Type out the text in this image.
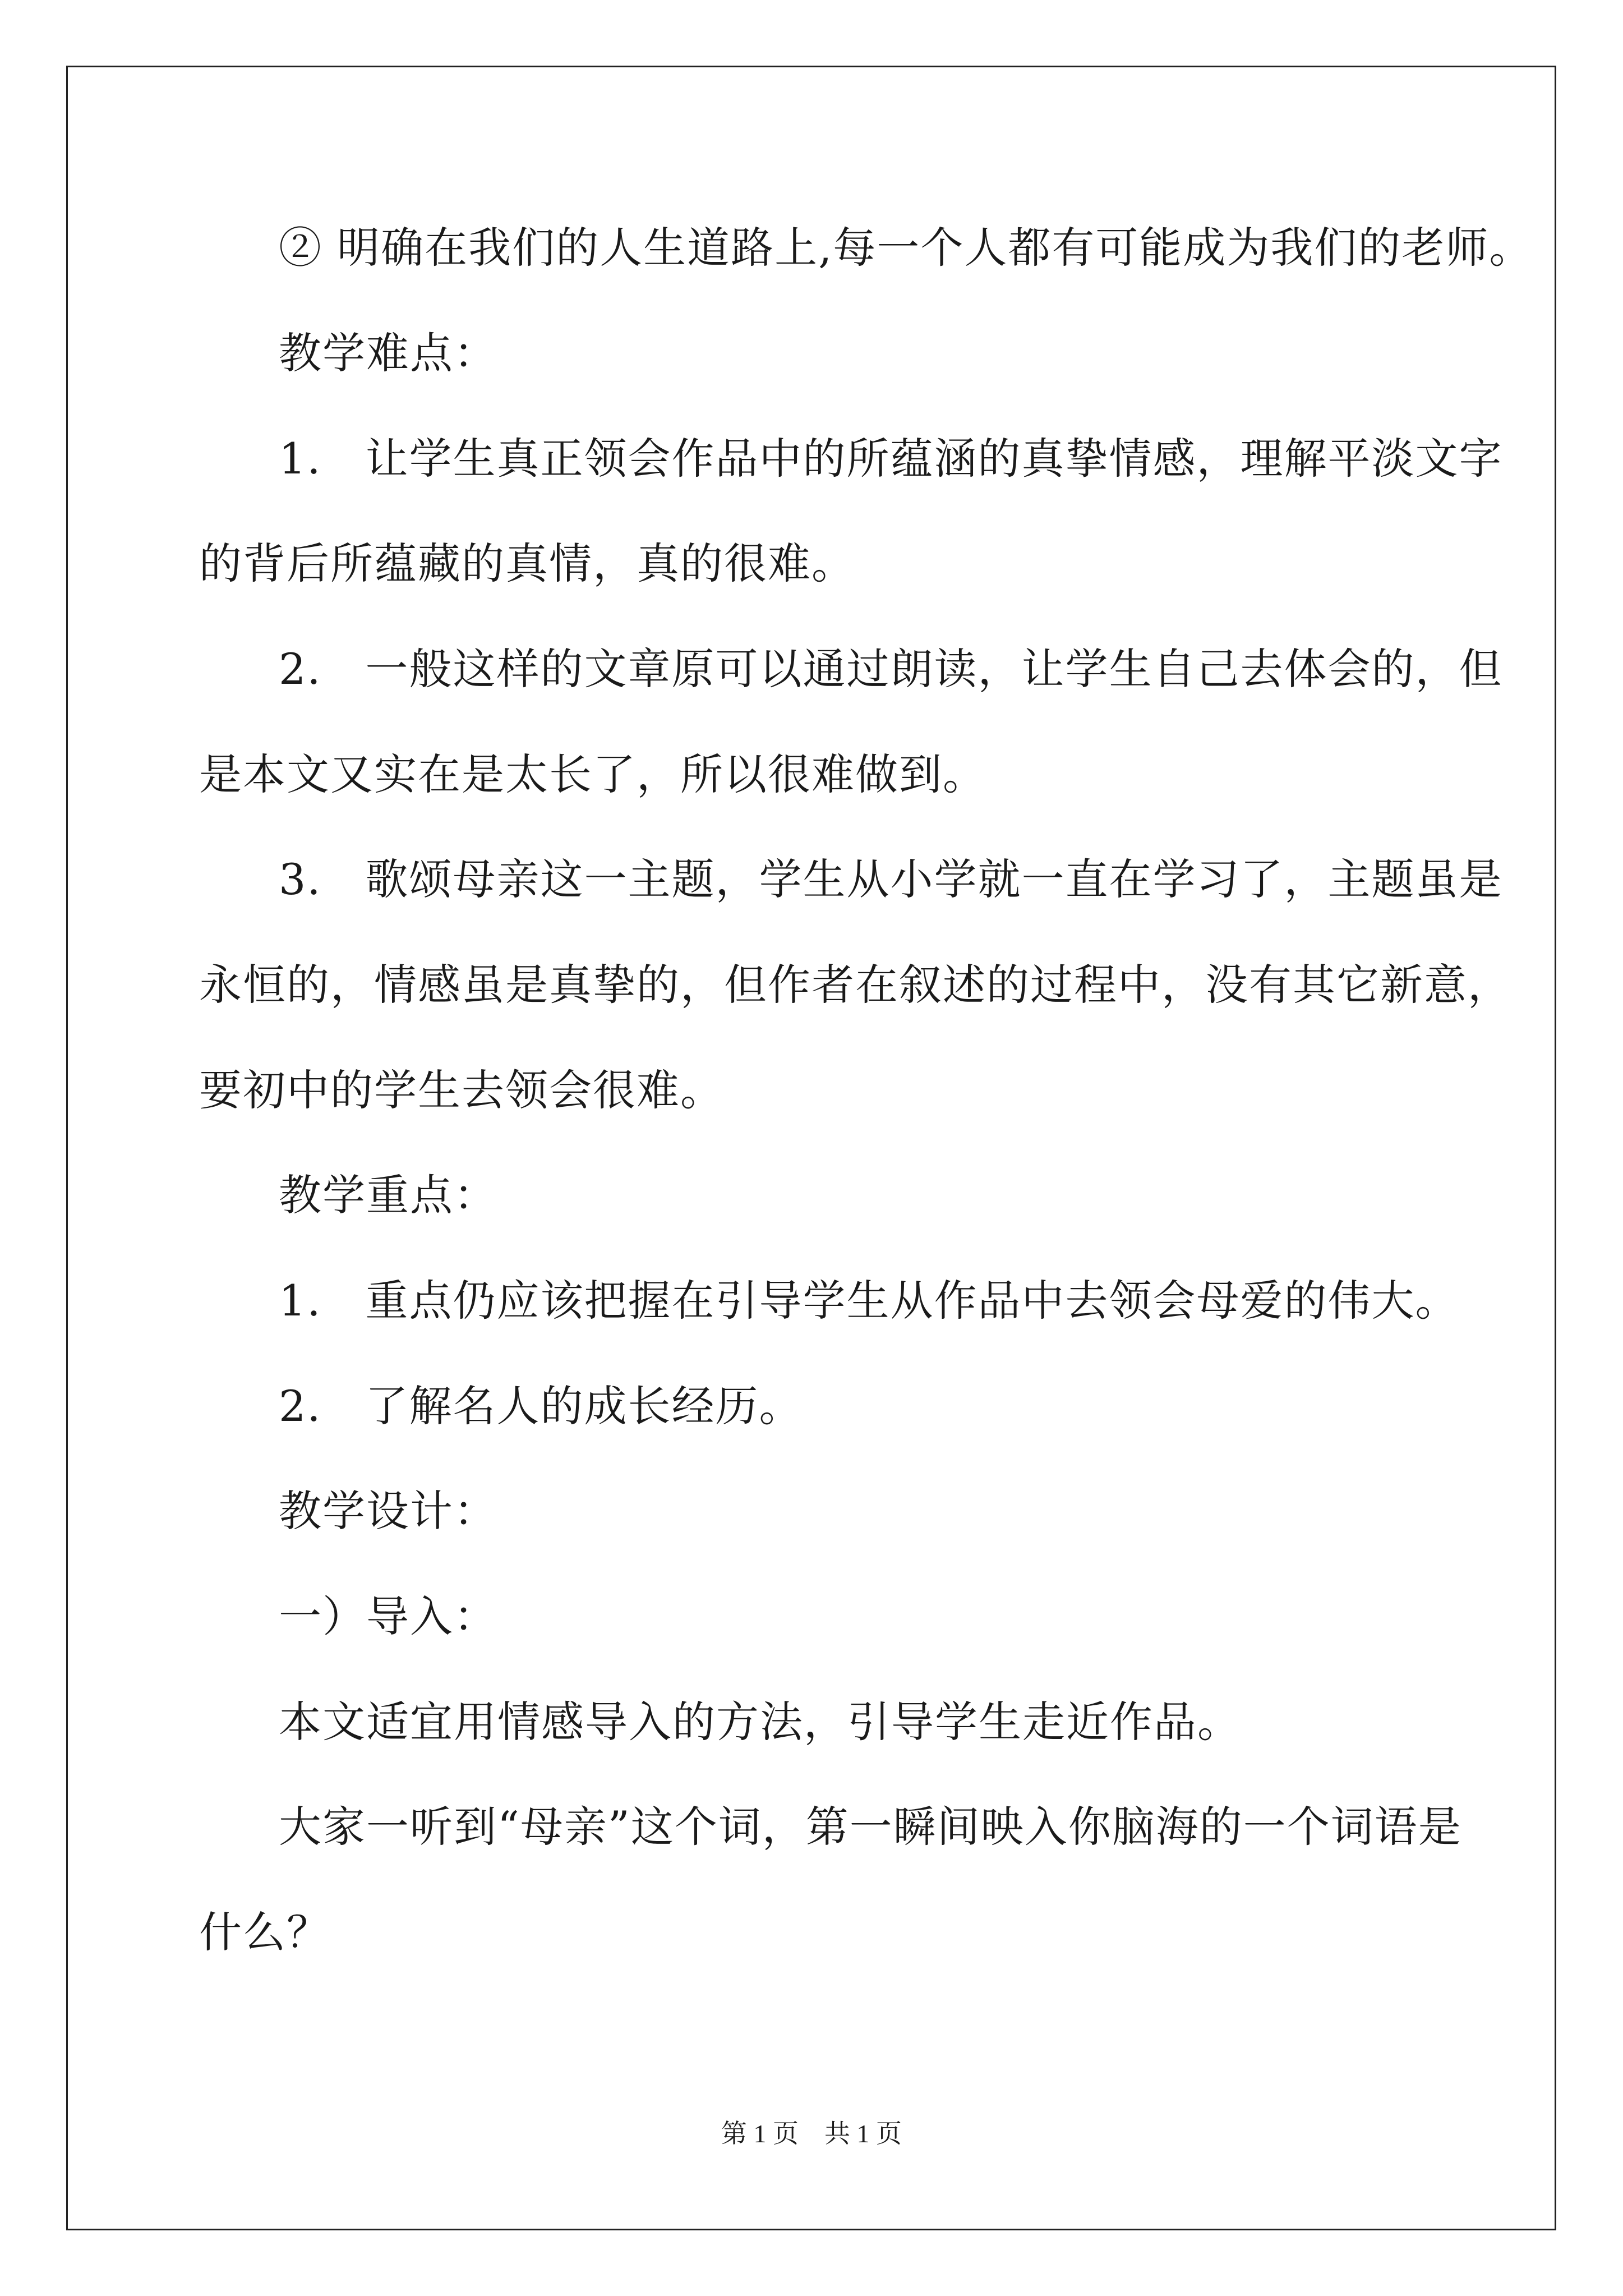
② 明确在我们的人生道路上,每一个人都有可能成为我们的老师。
教学难点：
1.　让学生真正领会作品中的所蕴涵的真挚情感，理解平淡文字
的背后所蕴藏的真情，真的很难。
2.　一般这样的文章原可以通过朗读，让学生自己去体会的，但
是本文又实在是太长了，所以很难做到。
3.　歌颂母亲这一主题，学生从小学就一直在学习了，主题虽是
永恒的，情感虽是真挚的，但作者在叙述的过程中，没有其它新意，
要初中的学生去领会很难。
教学重点：
1.　重点仍应该把握在引导学生从作品中去领会母爱的伟大。
2.　了解名人的成长经历。
教学设计：
一）导入：
本文适宜用情感导入的方法，引导学生走近作品。
大家一听到“母亲”这个词，第一瞬间映入你脑海的一个词语是
什么？
第 1 页　共 1 页
